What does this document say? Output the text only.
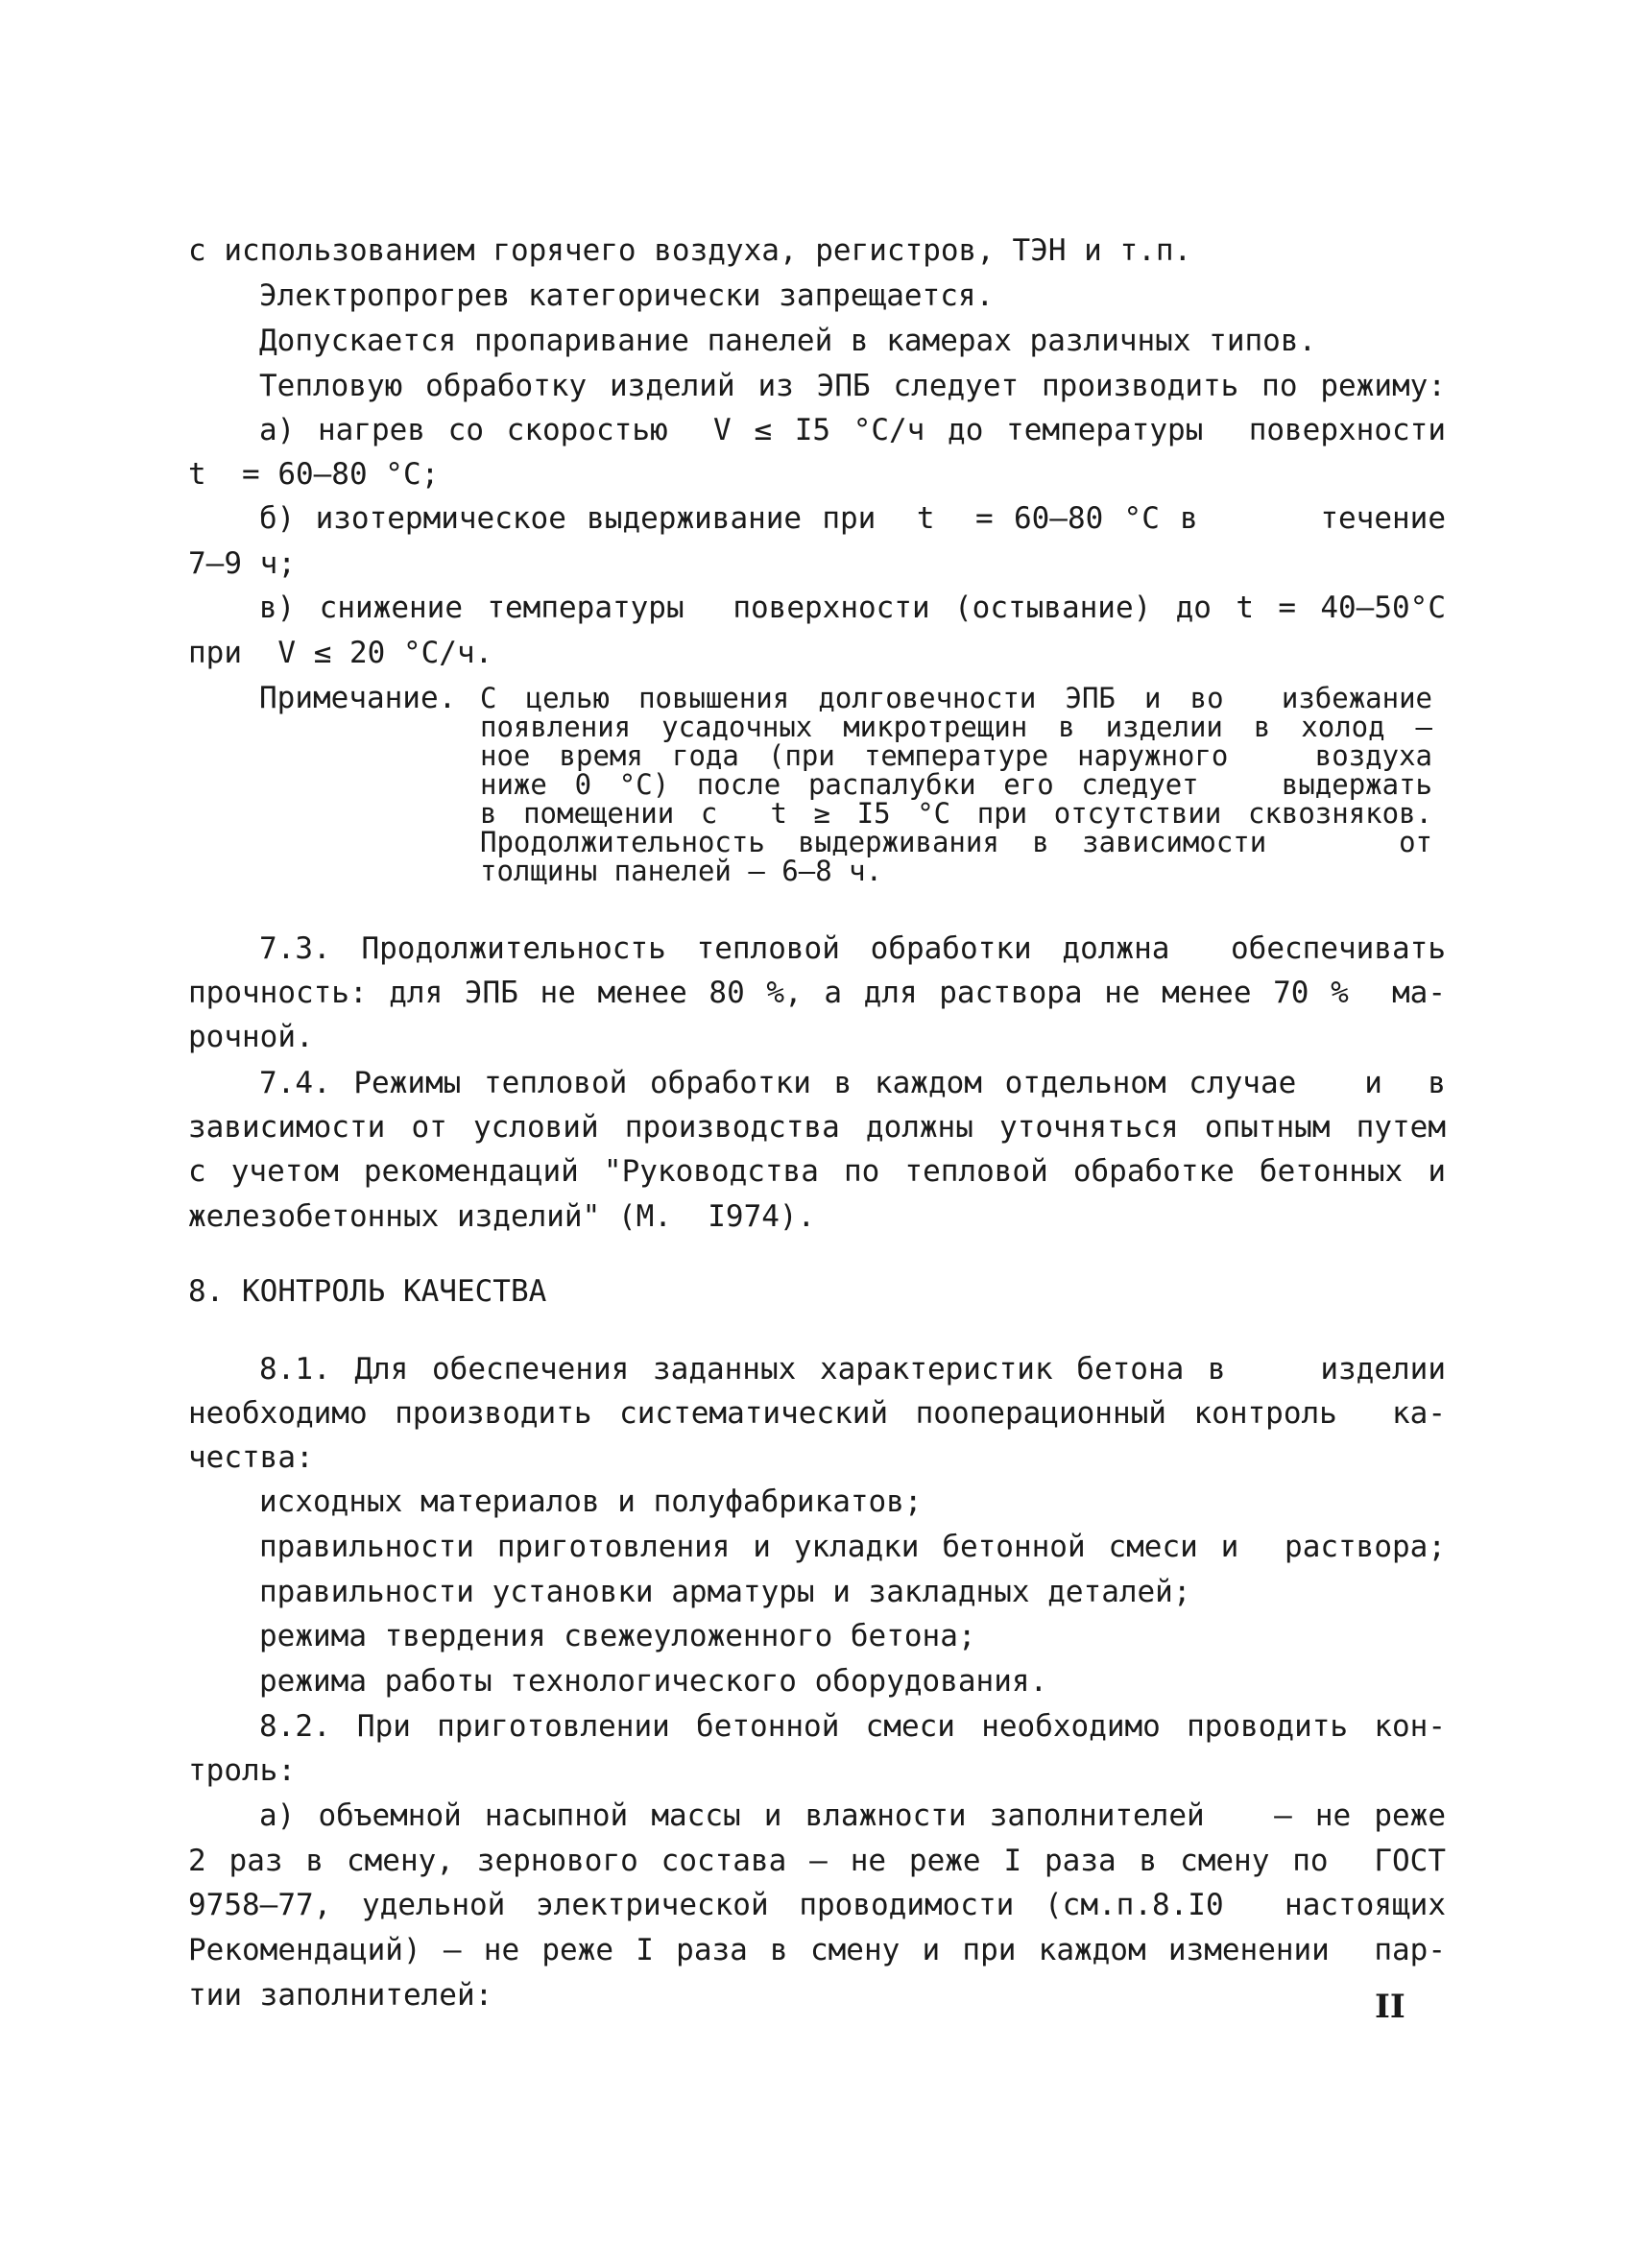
с использованием горячего воздуха, регистров, ТЭН и т.п.
Электропрогрев категорически запрещается.
Допускается пропаривание панелей в камерах различных типов.
Тепловую обработку изделий из ЭПБ следует производить по режиму:
а) нагрев со скоростью  V ≤ I5 °С/ч до температуры  поверхности
t  = 60–80 °С;
б) изотермическое выдерживание при  t  = 60–80 °С в      течение
7–9 ч;
в) снижение температуры  поверхности (остывание) до t = 40–50°С
при  V ≤ 20 °С/ч.
Примечание. С целью повышения долговечности ЭПБ и во  избежание
появления усадочных микротрещин в изделии в холод –
ное время года (при температуре наружного   воздуха
ниже 0 °С) после распалубки его следует   выдержать
в помещении с  t ≥ I5 °С при отсутствии сквозняков.
Продолжительность выдерживания в зависимости    от
толщины панелей – 6–8 ч.
7.3. Продолжительность тепловой обработки должна  обеспечивать
прочность: для ЭПБ не менее 80 %, а для раствора не менее 70 %  ма-
рочной.
7.4. Режимы тепловой обработки в каждом отдельном случае   и  в
зависимости от условий производства должны уточняться опытным путем
с учетом рекомендаций "Руководства по тепловой обработке бетонных и
железобетонных изделий" (М.  I974).
8. КОНТРОЛЬ КАЧЕСТВА
8.1. Для обеспечения заданных характеристик бетона в    изделии
необходимо производить систематический пооперационный контроль  ка-
чества:
исходных материалов и полуфабрикатов;
правильности приготовления и укладки бетонной смеси и  раствора;
правильности установки арматуры и закладных деталей;
режима твердения свежеуложенного бетона;
режима работы технологического оборудования.
8.2. При приготовлении бетонной смеси необходимо проводить кон-
троль:
а) объемной насыпной массы и влажности заполнителей   – не реже
2 раз в смену, зернового состава – не реже I раза в смену по  ГОСТ
9758–77, удельной электрической проводимости (см.п.8.I0  настоящих
Рекомендаций) – не реже I раза в смену и при каждом изменении  пар-
тии заполнителей:	II
